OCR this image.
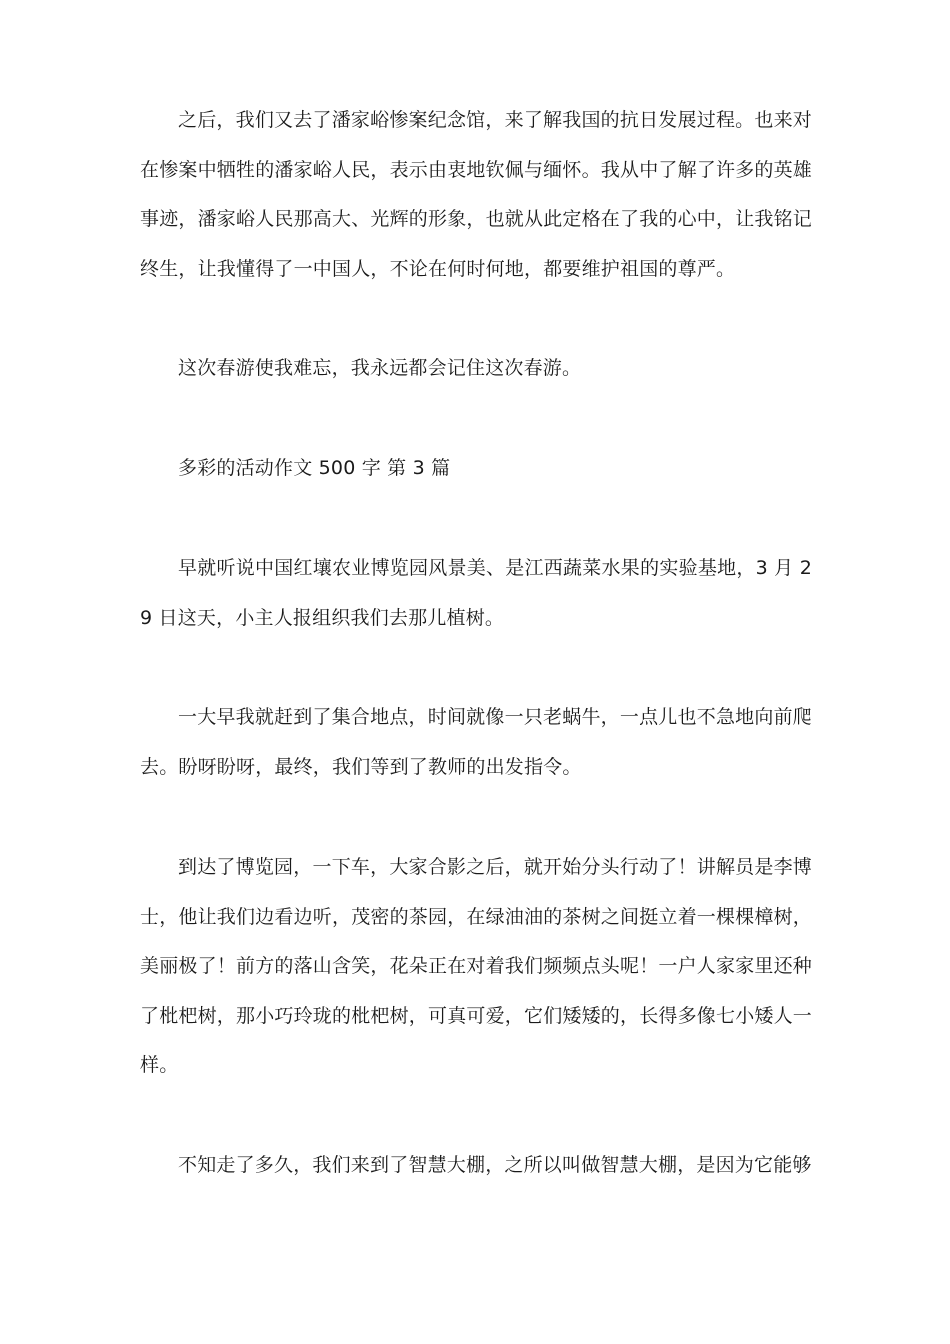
之后，我们又去了潘家峪惨案纪念馆，来了解我国的抗日发展过程。也来对在惨案中牺牲的潘家峪人民，表示由衷地钦佩与缅怀。我从中了解了许多的英雄事迹，潘家峪人民那高大、光辉的形象，也就从此定格在了我的心中，让我铭记终生，让我懂得了一中国人，不论在何时何地，都要维护祖国的尊严。

这次春游使我难忘，我永远都会记住这次春游。

多彩的活动作文 500 字 第 3 篇

早就听说中国红壤农业博览园风景美、是江西蔬菜水果的实验基地，3 月 29 日这天，小主人报组织我们去那儿植树。

一大早我就赶到了集合地点，时间就像一只老蜗牛，一点儿也不急地向前爬去。盼呀盼呀，最终，我们等到了教师的出发指令。

到达了博览园，一下车，大家合影之后，就开始分头行动了！讲解员是李博士，他让我们边看边听，茂密的茶园，在绿油油的茶树之间挺立着一棵棵樟树，美丽极了！前方的落山含笑，花朵正在对着我们频频点头呢！一户人家家里还种了枇杷树，那小巧玲珑的枇杷树，可真可爱，它们矮矮的，长得多像七小矮人一样。

不知走了多久，我们来到了智慧大棚，之所以叫做智慧大棚，是因为它能够
